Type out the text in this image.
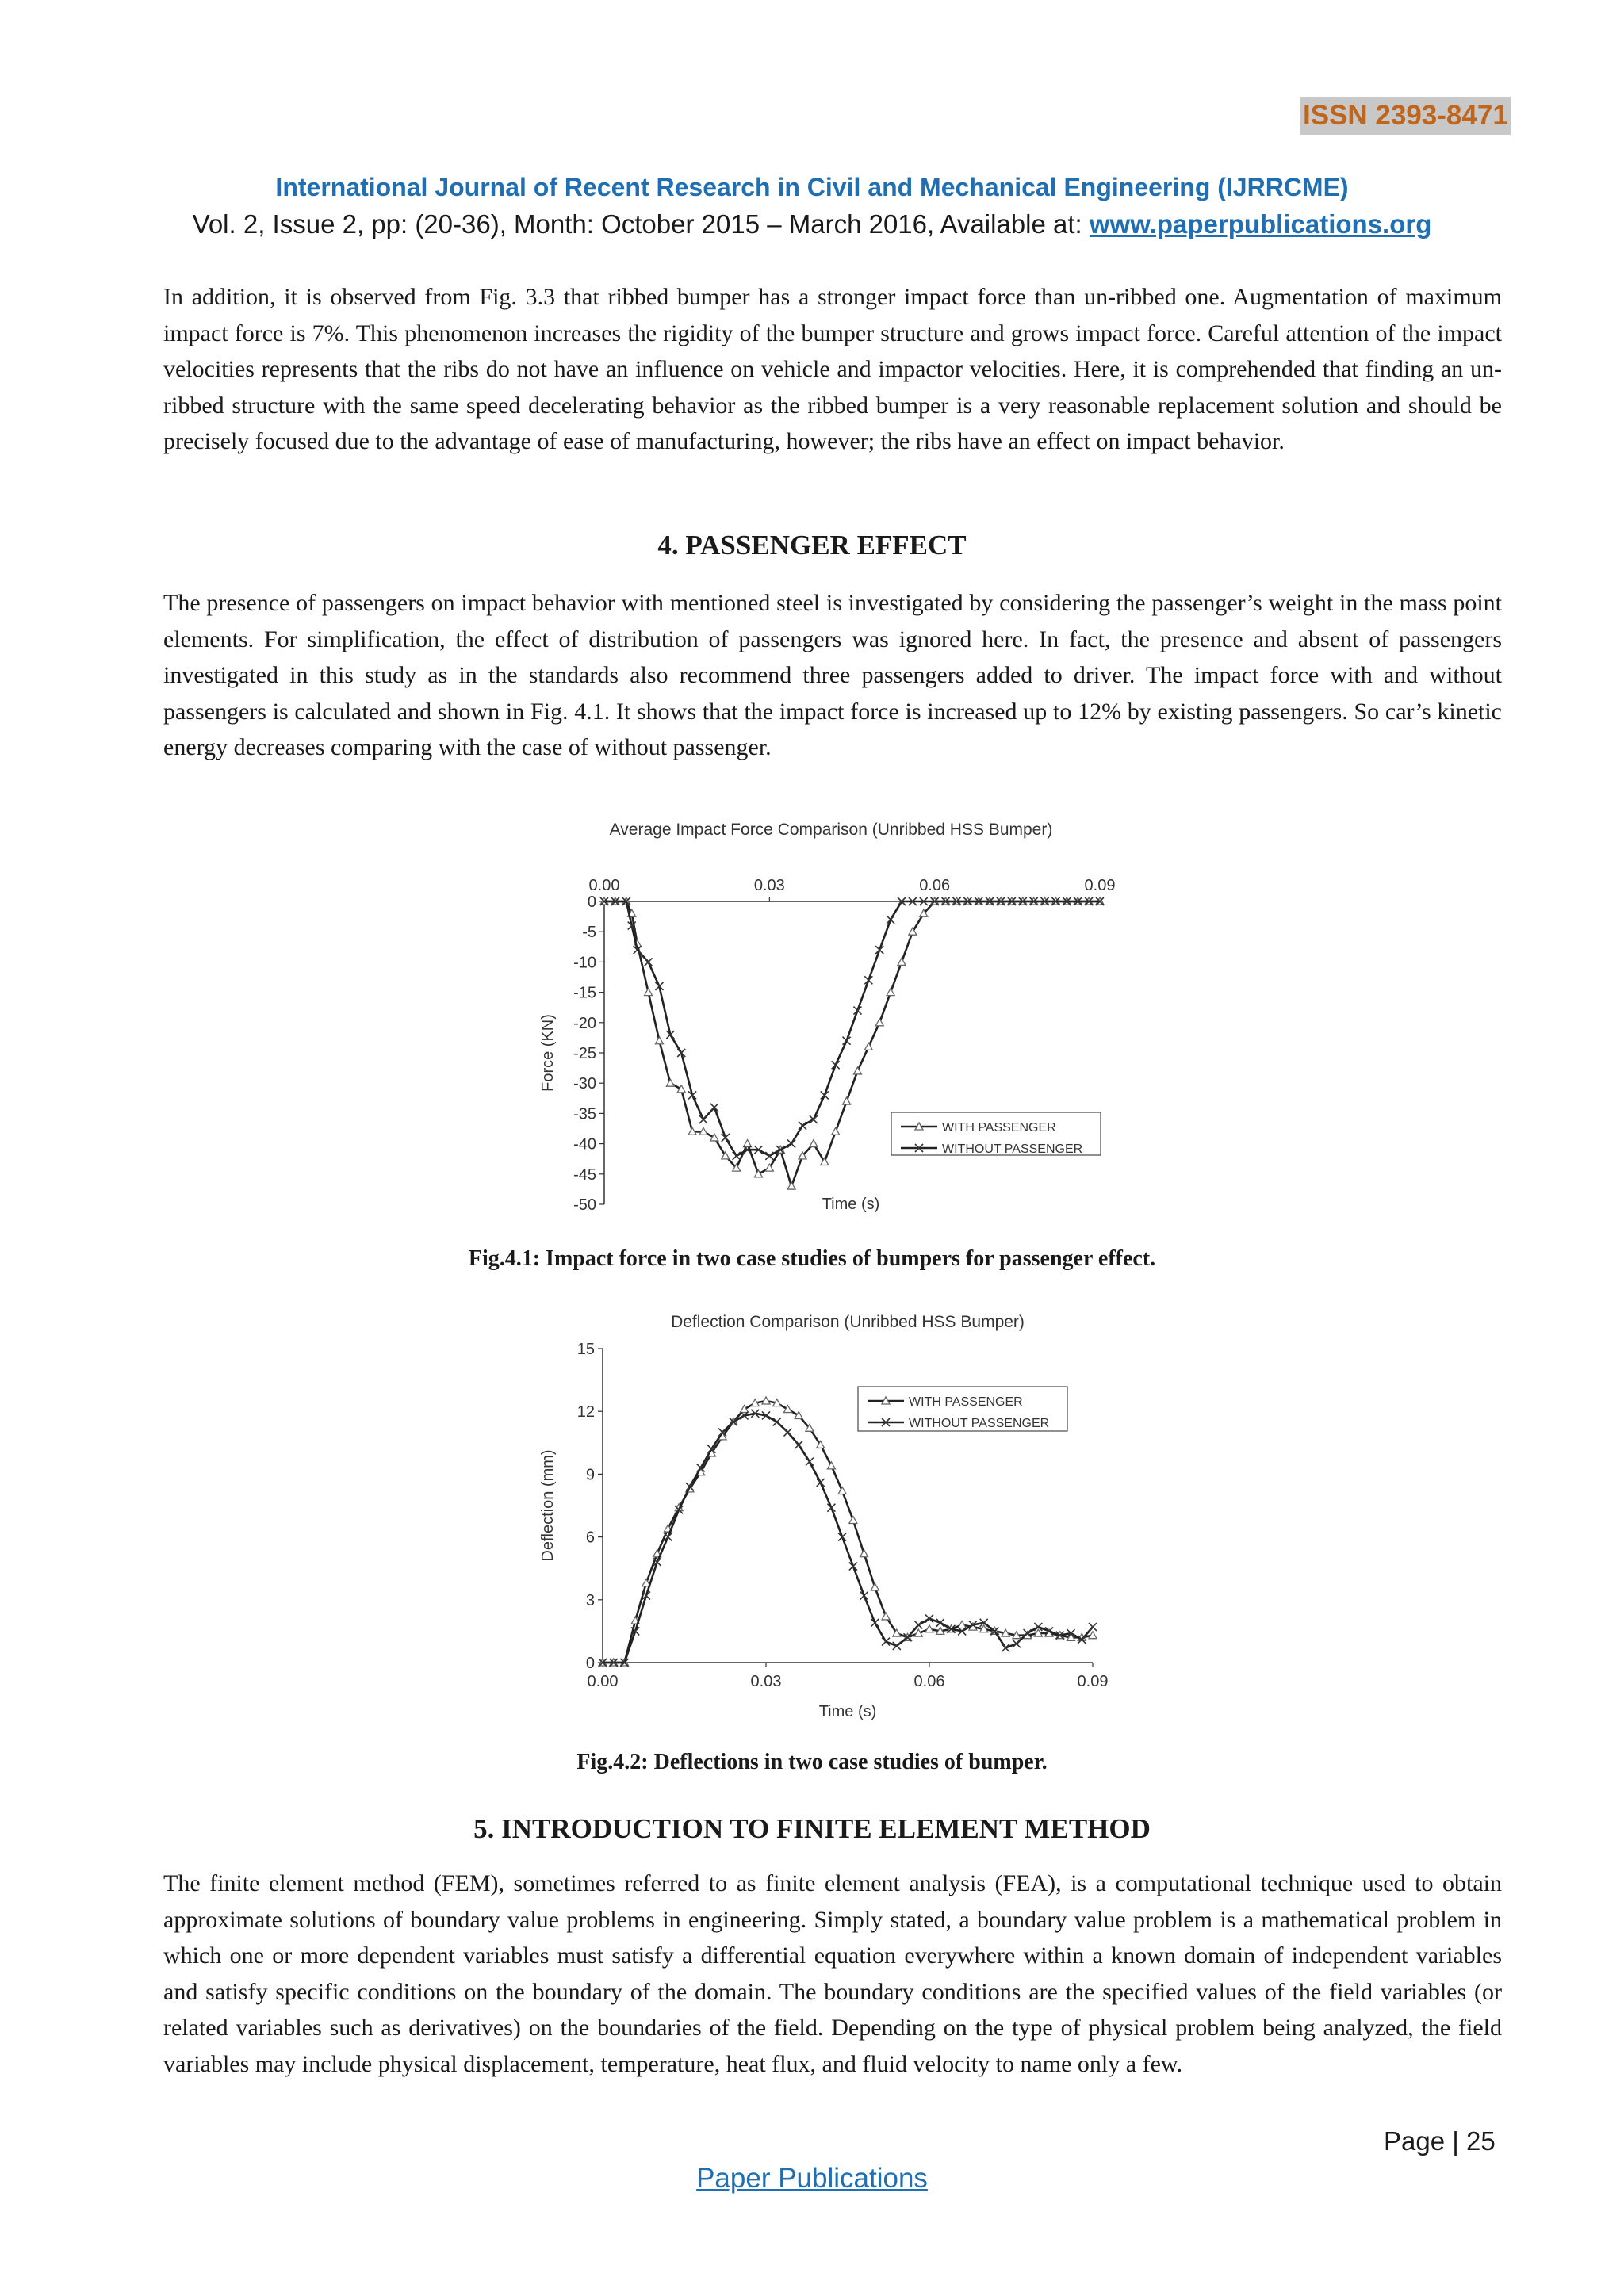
ISSN 2393-8471
International Journal of Recent Research in Civil and Mechanical Engineering (IJRRCME)
Vol. 2, Issue 2, pp: (20-36), Month: October 2015 – March 2016, Available at: www.paperpublications.org

In addition, it is observed from Fig. 3.3 that ribbed bumper has a stronger impact force than un-ribbed one. Augmentation of maximum impact force is 7%. This phenomenon increases the rigidity of the bumper structure and grows impact force. Careful attention of the impact velocities represents that the ribs do not have an influence on vehicle and impactor velocities. Here, it is comprehended that finding an un-ribbed structure with the same speed decelerating behavior as the ribbed bumper is a very reasonable replacement solution and should be precisely focused due to the advantage of ease of manufacturing, however; the ribs have an effect on impact behavior.

4. PASSENGER EFFECT

The presence of passengers on impact behavior with mentioned steel is investigated by considering the passenger’s weight in the mass point elements. For simplification, the effect of distribution of passengers was ignored here. In fact, the presence and absent of passengers investigated in this study as in the standards also recommend three passengers added to driver. The impact force with and without passengers is calculated and shown in Fig. 4.1. It shows that the impact force is increased up to 12% by existing passengers. So car’s kinetic energy decreases comparing with the case of without passenger.

Average Impact Force Comparison (Unribbed HSS Bumper)
0
-5
-10
-15
-20
-25
-30
-35
-40
-45
-50
0.00	0.03	0.06	0.09
Time (s)
Force (KN)
WITH PASSENGER
WITHOUT PASSENGER
Fig.4.1: Impact force in two case studies of bumpers for passenger effect.
Deflection Comparison (Unribbed HSS Bumper)
0
3
6
9
12
15
0.00	0.03	0.06	0.09
Time (s)
Deflection (mm)
WITH PASSENGER
WITHOUT PASSENGER
Fig.4.2: Deflections in two case studies of bumper.
5. INTRODUCTION TO FINITE ELEMENT METHOD

The finite element method (FEM), sometimes referred to as finite element analysis (FEA), is a computational technique used to obtain approximate solutions of boundary value problems in engineering. Simply stated, a boundary value problem is a mathematical problem in which one or more dependent variables must satisfy a differential equation everywhere within a known domain of independent variables and satisfy specific conditions on the boundary of the domain. The boundary conditions are the specified values of the field variables (or related variables such as derivatives) on the boundaries of the field. Depending on the type of physical problem being analyzed, the field variables may include physical displacement, temperature, heat flux, and fluid velocity to name only a few.

Page | 25
Paper Publications
